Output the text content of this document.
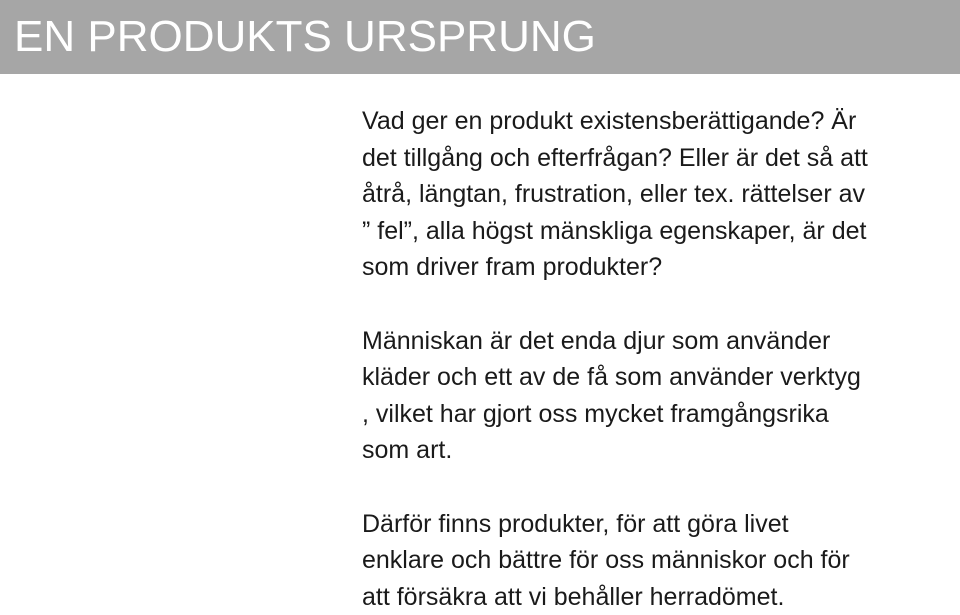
EN PRODUKTS URSPRUNG

Vad ger en produkt existensberättigande? Är
det tillgång och efterfrågan? Eller är det så att
åtrå, längtan, frustration, eller tex. rättelser av
” fel”, alla högst mänskliga egenskaper, är det
som driver fram produkter?

Människan är det enda djur som använder
kläder och ett av de få som använder verktyg
, vilket har gjort oss mycket framgångsrika
som art.

Därför finns produkter, för att göra livet
enklare och bättre för oss människor och för
att försäkra att vi behåller herradömet.
